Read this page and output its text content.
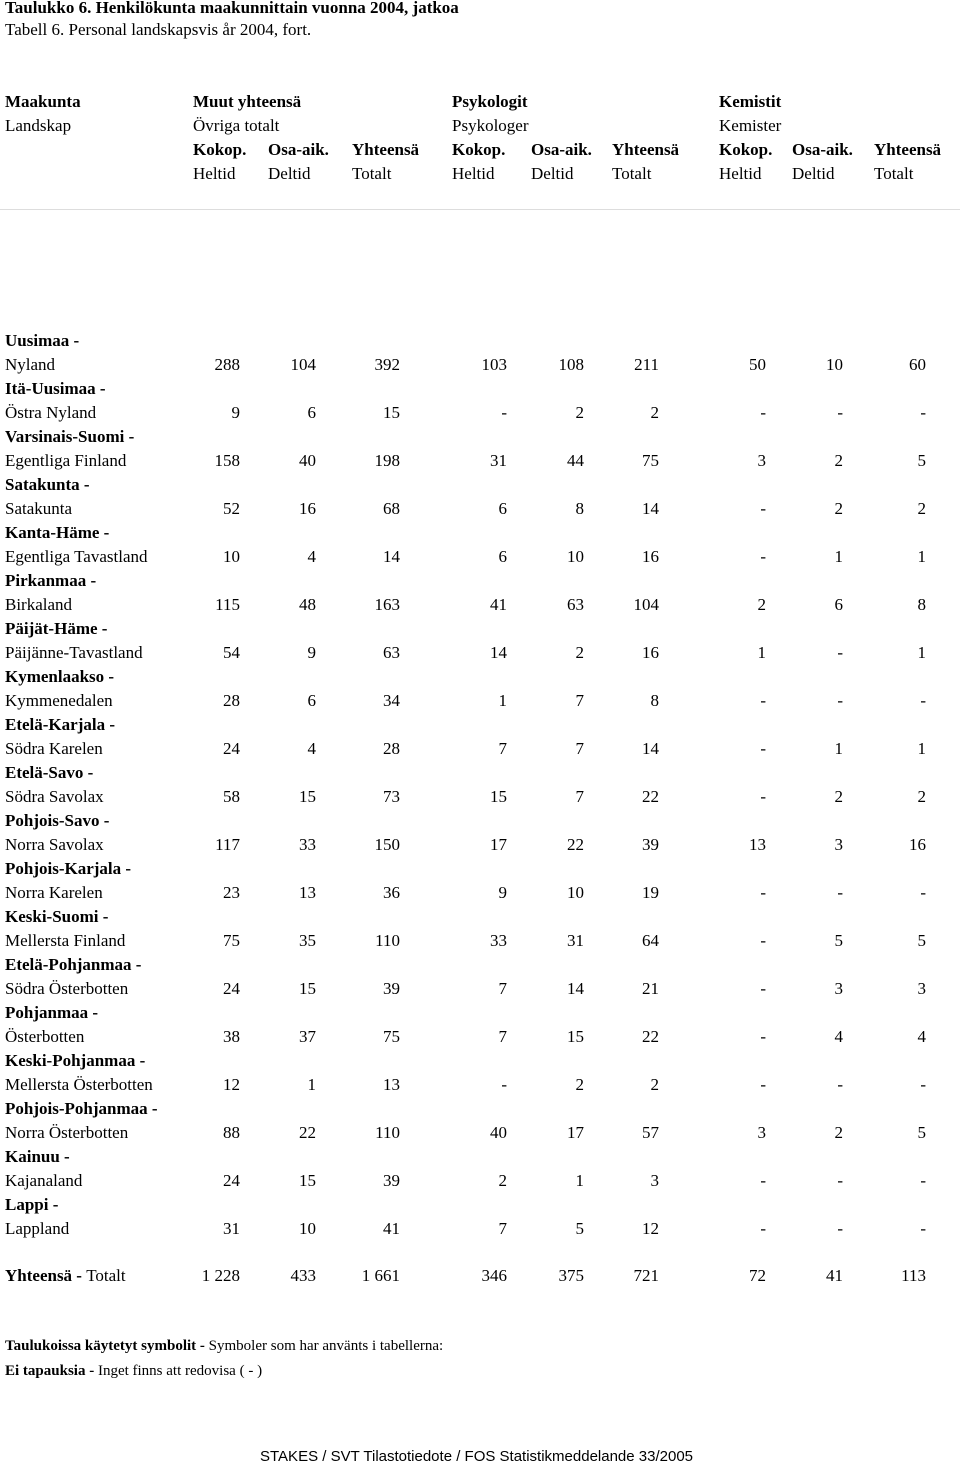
Taulukko 6. Henkilökunta maakunnittain vuonna 2004, jatkoa
Tabell 6. Personal landskapsvis år 2004, fort.
Maakunta
Landskap
Muut yhteensä
Övriga totalt
Psykologit
Psykologer
Kemistit
Kemister
Kokop. Osa-aik. Yhteensä
Heltid Deltid Totalt
Kokop. Osa-aik. Yhteensä
Heltid Deltid Totalt
Kokop. Osa-aik. Yhteensä
Heltid Deltid Totalt
Uusimaa -
Nyland	288	104	392	103	108	211	50	10	60
Itä-Uusimaa -
Östra Nyland	9	6	15	-	2	2	-	-	-
Varsinais-Suomi -
Egentliga Finland	158	40	198	31	44	75	3	2	5
Satakunta -
Satakunta	52	16	68	6	8	14	-	2	2
Kanta-Häme -
Egentliga Tavastland	10	4	14	6	10	16	-	1	1
Pirkanmaa -
Birkaland	115	48	163	41	63	104	2	6	8
Päijät-Häme -
Päijänne-Tavastland	54	9	63	14	2	16	1	-	1
Kymenlaakso -
Kymmenedalen	28	6	34	1	7	8	-	-	-
Etelä-Karjala -
Södra Karelen	24	4	28	7	7	14	-	1	1
Etelä-Savo -
Södra Savolax	58	15	73	15	7	22	-	2	2
Pohjois-Savo -
Norra Savolax	117	33	150	17	22	39	13	3	16
Pohjois-Karjala -
Norra Karelen	23	13	36	9	10	19	-	-	-
Keski-Suomi -
Mellersta Finland	75	35	110	33	31	64	-	5	5
Etelä-Pohjanmaa -
Södra Österbotten	24	15	39	7	14	21	-	3	3
Pohjanmaa -
Österbotten	38	37	75	7	15	22	-	4	4
Keski-Pohjanmaa -
Mellersta Österbotten	12	1	13	-	2	2	-	-	-
Pohjois-Pohjanmaa -
Norra Österbotten	88	22	110	40	17	57	3	2	5
Kainuu -
Kajanaland	24	15	39	2	1	3	-	-	-
Lappi -
Lappland	31	10	41	7	5	12	-	-	-
Yhteensä - Totalt	1 228	433	1 661	346	375	721	72	41	113
Taulukoissa käytetyt symbolit - Symboler som har använts i tabellerna:
Ei tapauksia - Inget finns att redovisa ( - )
STAKES / SVT Tilastotiedote / FOS Statistikmeddelande 33/2005
